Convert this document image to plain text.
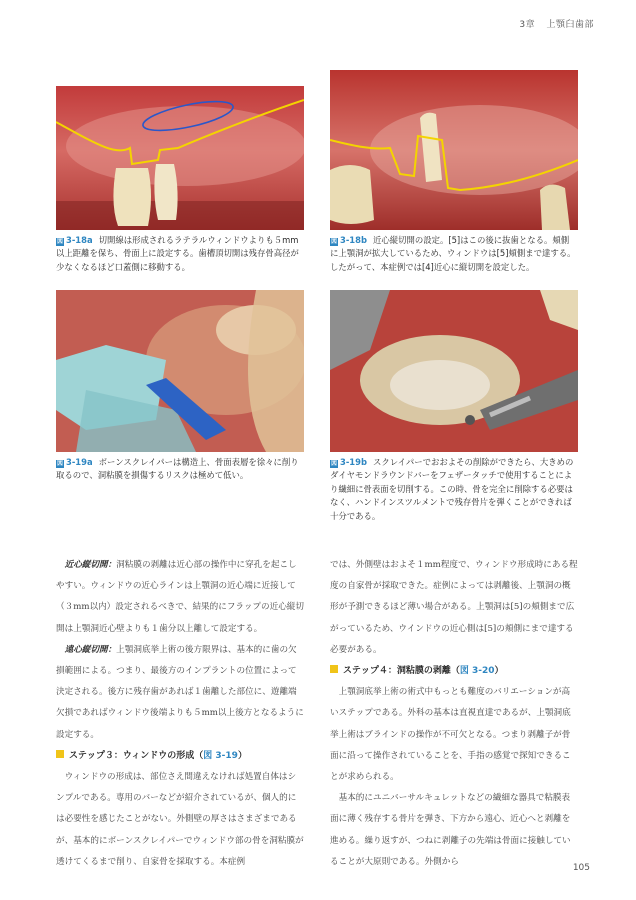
3章 上顎臼歯部
図 3-18a 切開線は形成されるラテラルウィンドウよりも５mm以上距離を保ち、骨面上に設定する。歯槽頂切開は残存骨高径が少なくなるほど口蓋側に移動する。
図 3-18b 近心縦切開の設定。[5]はこの後に抜歯となる。頬側に上顎洞が拡大しているため、ウィンドウは[5]頬側まで達する。したがって、本症例では[4]近心に縦切開を設定した。
図 3-19a ボーンスクレイパーは構造上、骨面表層を徐々に削り取るので、洞粘膜を損傷するリスクは極めて低い。
図 3-19b スクレイパーでおおよその削除ができたら、大きめのダイヤモンドラウンドバーをフェザータッチで使用することにより繊細に骨表面を切削する。この時、骨を完全に削除する必要はなく、ハンドインスツルメントで残存骨片を弾くことができれば十分である。

近心縦切開：洞粘膜の剥離は近心部の操作中に穿孔を起こしやすい。ウィンドウの近心ラインは上顎洞の近心端に近接して（３mm以内）設定されるべきで、結果的にフラップの近心縦切開は上顎洞近心壁よりも１歯分以上離して設定する。

遠心縦切開：上顎洞底挙上術の後方限界は、基本的に歯の欠損範囲による。つまり、最後方のインプラントの位置によって決定される。後方に残存歯があれば１歯離した部位に、遊離端欠損であればウィンドウ後端よりも５mm以上後方となるように設定する。

ステップ３：ウィンドウの形成（図 3-19）

ウィンドウの形成は、部位さえ間違えなければ処置自体はシンプルである。専用のバーなどが紹介されているが、個人的には必要性を感じたことがない。外側壁の厚さはさまざまであるが、基本的にボーンスクレイパーでウィンドウ部の骨を洞粘膜が透けてくるまで削り、自家骨を採取する。本症例

では、外側壁はおよそ１mm程度で、ウィンドウ形成時にある程度の自家骨が採取できた。症例によっては剥離後、上顎洞の概形が予測できるほど薄い場合がある。上顎洞は[5]の頬側まで広がっているため、ウインドウの近心側は[5]の頬側にまで達する必要がある。

ステップ４：洞粘膜の剥離（図 3-20）

上顎洞底挙上術の術式中もっとも難度のバリエーションが高いステップである。外科の基本は直視直達であるが、上顎洞底挙上術はブラインドの操作が不可欠となる。つまり剥離子が骨面に沿って操作されていることを、手指の感覚で探知できることが求められる。

基本的にユニバーサルキュレットなどの繊細な器具で粘膜表面に薄く残存する骨片を弾き、下方から遠心、近心へと剥離を進める。繰り返すが、つねに剥離子の先端は骨面に接触していることが大原則である。外側から

105
